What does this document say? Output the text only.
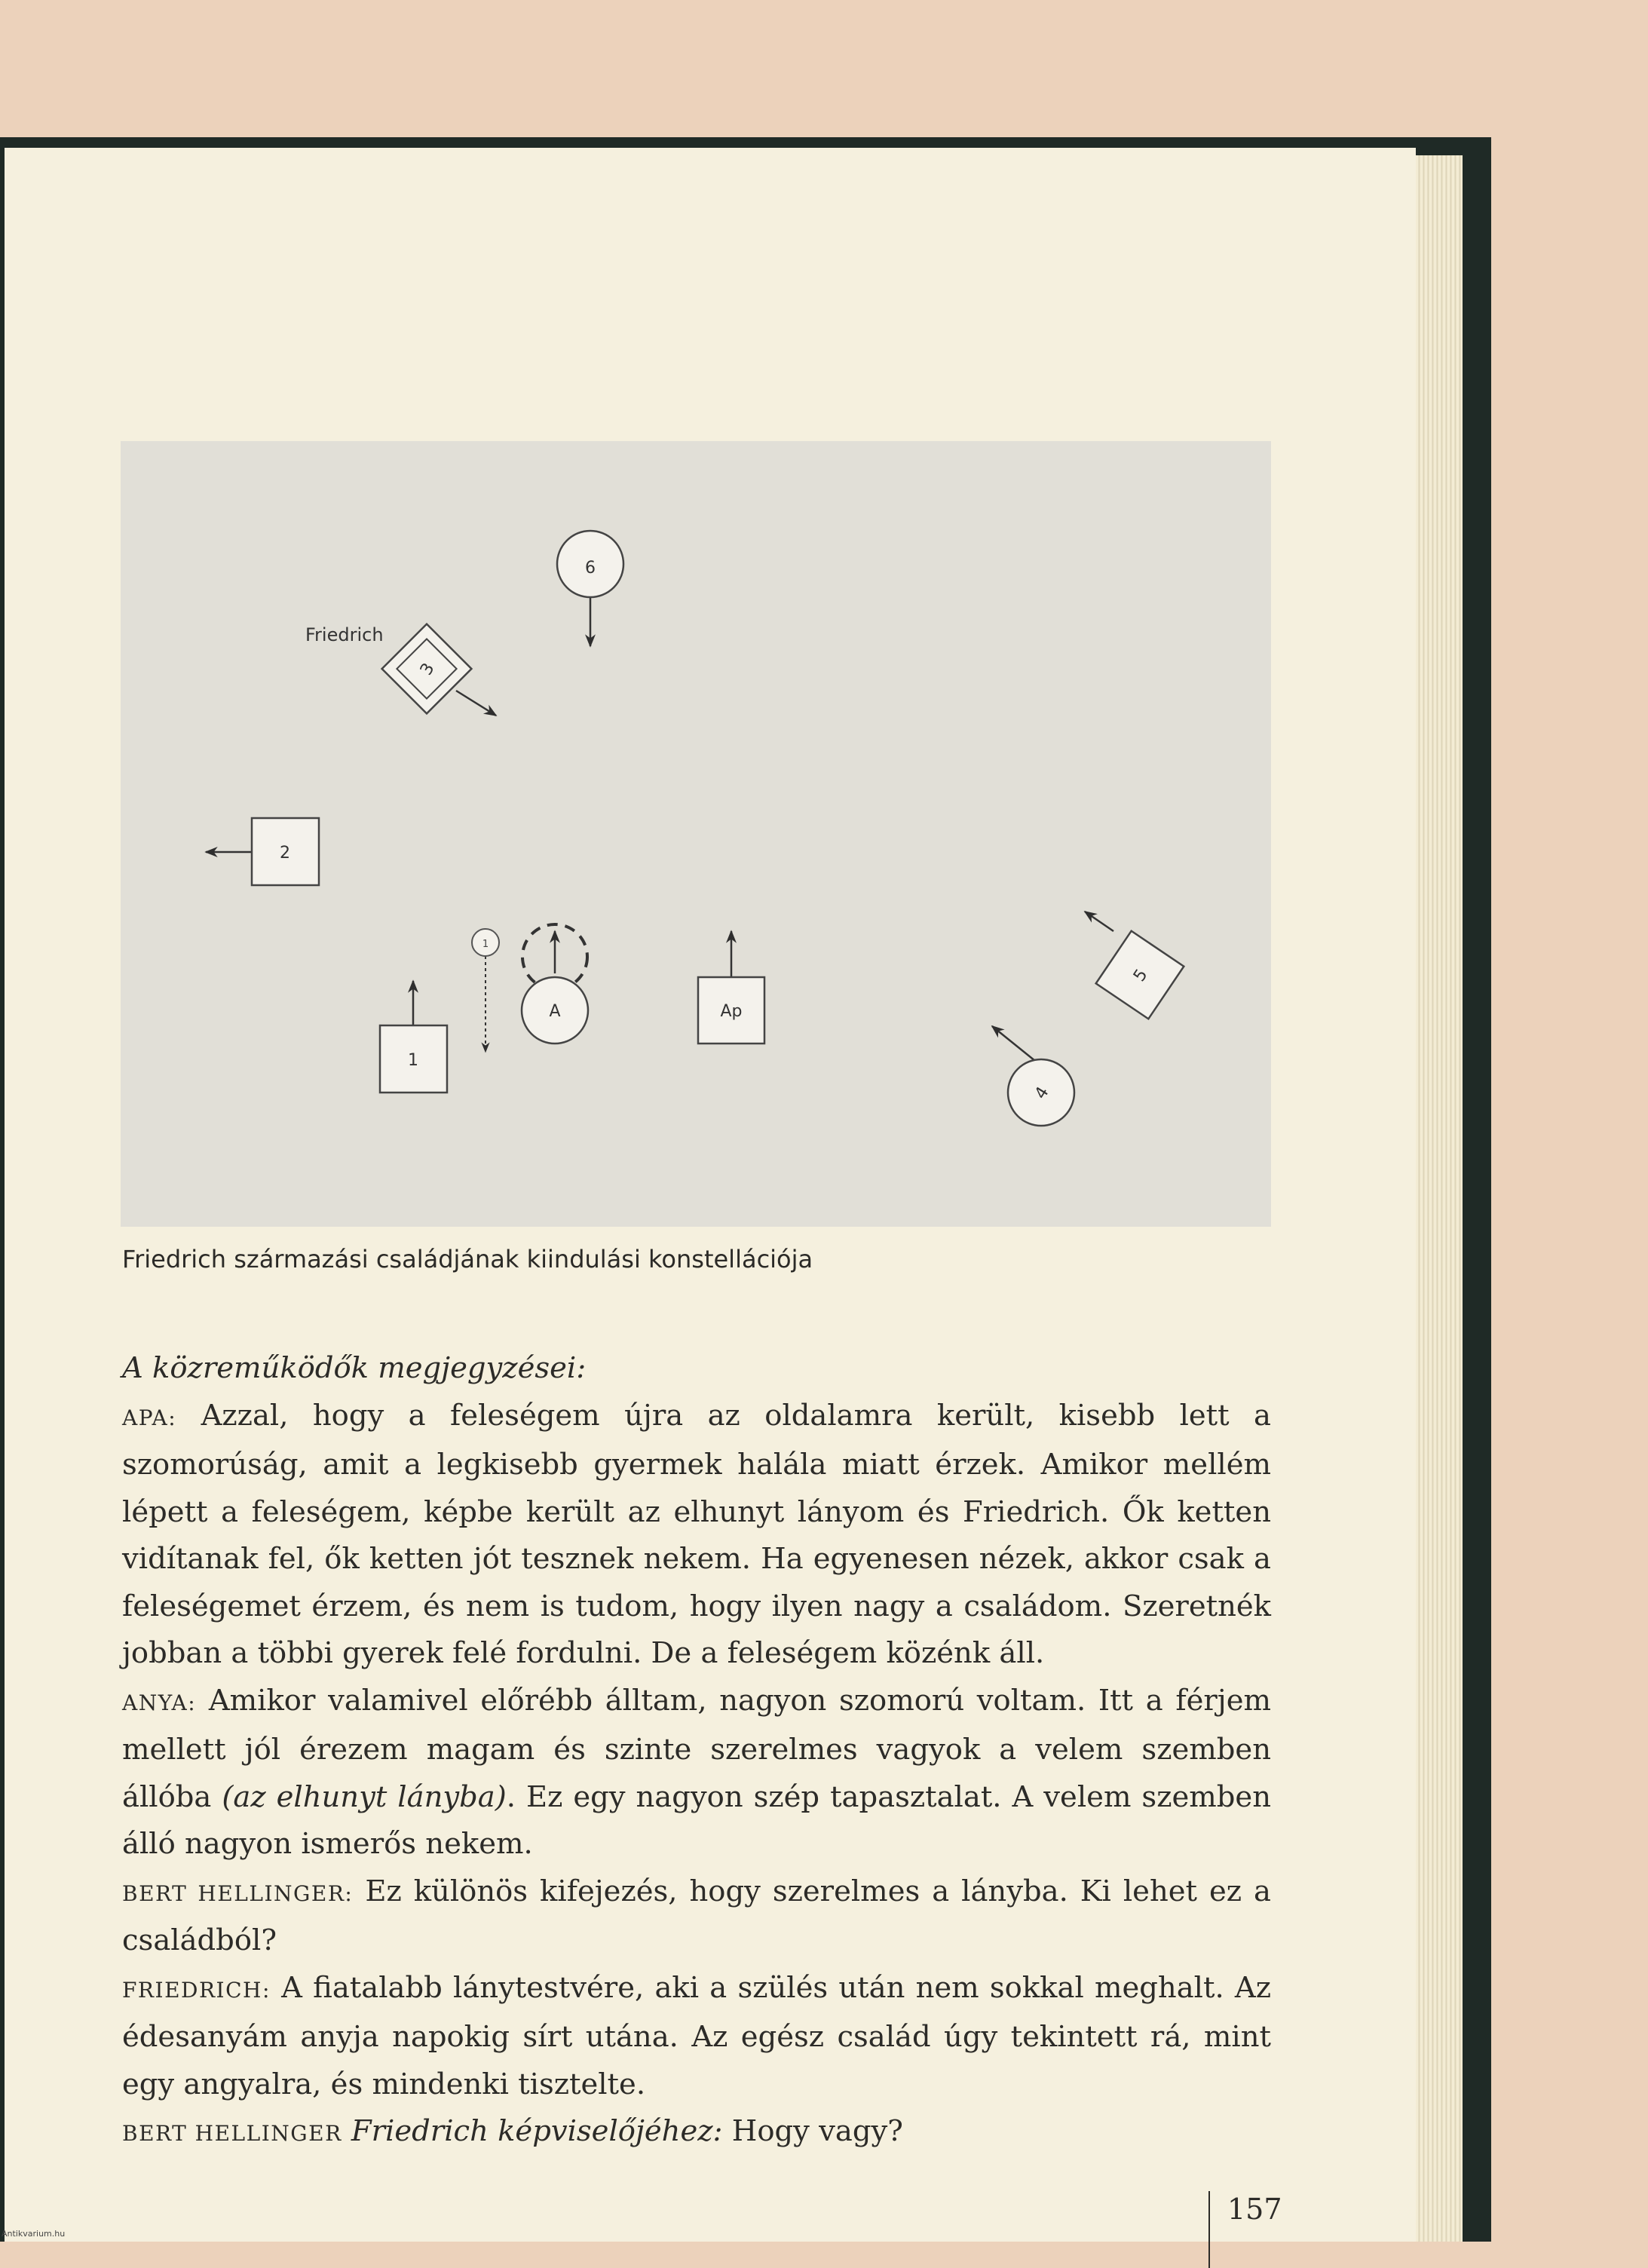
6
Friedrich
3
2
1
1
A	Ap
5
4
Friedrich származási családjának kiindulási konstellációja
A közreműködők megjegyzései:
APA: Azzal, hogy a feleségem újra az oldalamra került, kisebb lett a szomorúság, amit a legkisebb gyermek halála miatt érzek. Amikor mellém lépett a feleségem, képbe került az elhunyt lányom és Friedrich. Ők ketten vidítanak fel, ők ketten jót tesznek nekem. Ha egyenesen nézek, akkor csak a feleségemet érzem, és nem is tudom, hogy ilyen nagy a családom. Szeretnék jobban a többi gyerek felé fordulni. De a feleségem közénk áll.
ANYA: Amikor valamivel előrébb álltam, nagyon szomorú voltam. Itt a férjem mellett jól érezem magam és szinte szerelmes vagyok a velem szemben állóba (az elhunyt lányba). Ez egy nagyon szép tapasztalat. A velem szemben álló nagyon ismerős nekem.
BERT HELLINGER: Ez különös kifejezés, hogy szerelmes a lányba. Ki lehet ez a családból?
FRIEDRICH: A fiatalabb lánytestvére, aki a szülés után nem sokkal meghalt. Az édesanyám anyja napokig sírt utána. Az egész család úgy tekintett rá, mint egy angyalra, és mindenki tisztelte.
BERT HELLINGER Friedrich képviselőjéhez: Hogy vagy?
157
Antikvarium.hu
